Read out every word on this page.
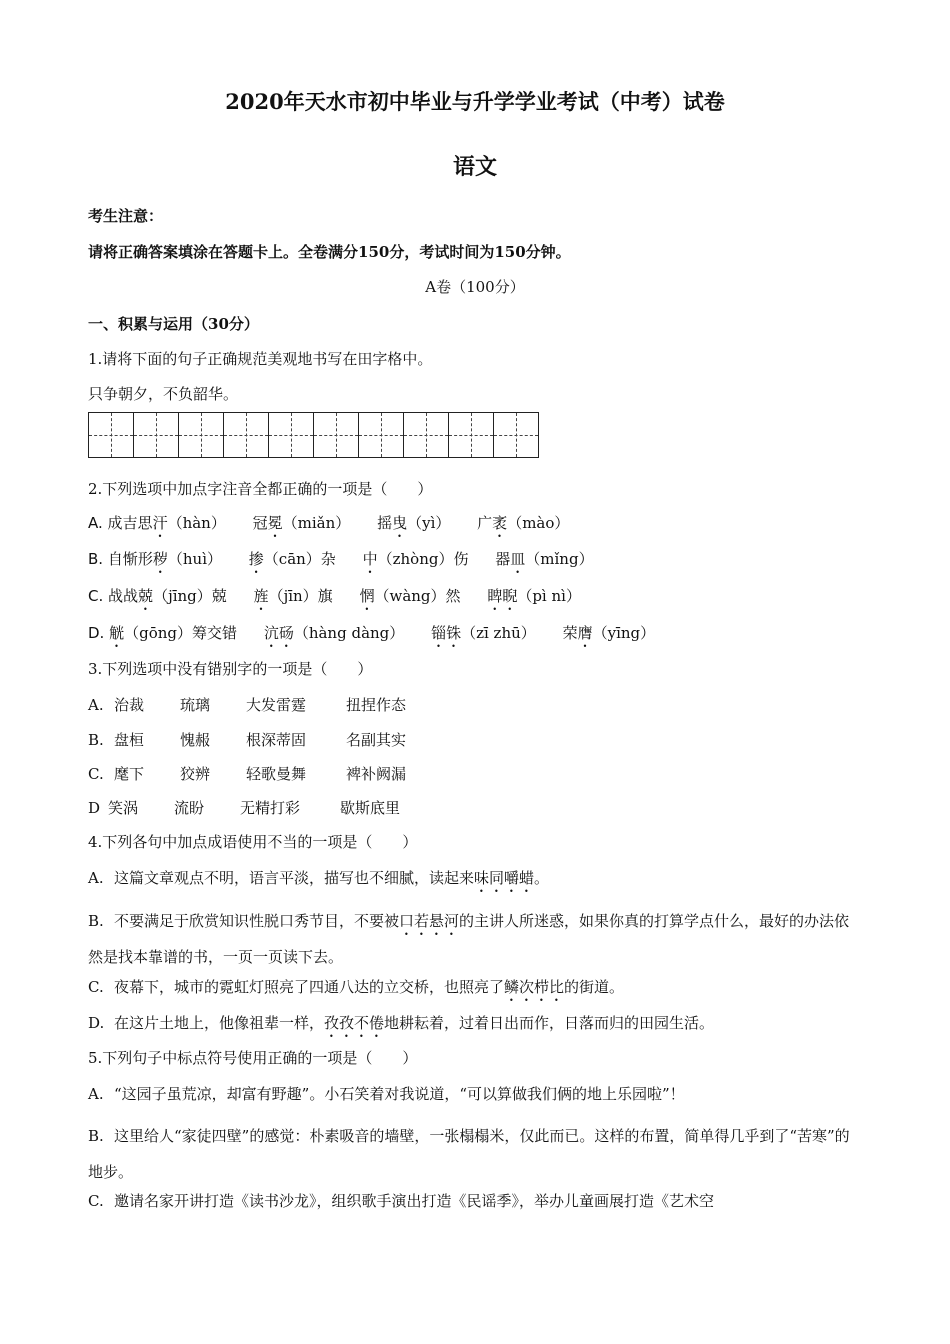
2020年天水市初中毕业与升学学业考试（中考）试卷
语文
考生注意：
请将正确答案填涂在答题卡上。全卷满分150分，考试时间为150分钟。
A卷（100分）
一、积累与运用（30分）
1.请将下面的句子正确规范美观地书写在田字格中。
只争朝夕，不负韶华。
2.下列选项中加点字注音全都正确的一项是（　　）
A. 成吉思汗（hàn） 冠冕（miǎn） 摇曳（yì） 广袤（mào）
B. 自惭形秽（huì） 掺（cān）杂 中（zhòng）伤 器皿（mǐng）
C. 战战兢（jīng）兢 旌（jīn）旗 惘（wàng）然 睥睨（pì nì）
D. 觥（gōng）筹交错 沆砀（hàng dàng） 锱铢（zī zhū） 荣膺（yīng）
3.下列选项中没有错别字的一项是（　　）
A. 治裁 琉璃 大发雷霆	扭捏作态
B. 盘桓 愧赧 根深蒂固	名副其实
C. 麾下 狡辨 轻歌曼舞	裨补阙漏
D 笑涡 流盼 无精打彩	歇斯底里
4.下列各句中加点成语使用不当的一项是（　　）
A. 这篇文章观点不明，语言平淡，描写也不细腻，读起来味同嚼蜡。
B. 不要满足于欣赏知识性脱口秀节目，不要被口若悬河的主讲人所迷惑，如果你真的打算学点什么，最好的办法依然是找本靠谱的书，一页一页读下去。
C. 夜幕下，城市的霓虹灯照亮了四通八达的立交桥，也照亮了鳞次栉比的街道。
D. 在这片土地上，他像祖辈一样，孜孜不倦地耕耘着，过着日出而作，日落而归的田园生活。
5.下列句子中标点符号使用正确的一项是（　　）
A. “这园子虽荒凉，却富有野趣”。小石笑着对我说道，“可以算做我们俩的地上乐园啦”！
B. 这里给人“家徒四壁”的感觉：朴素吸音的墙壁，一张榻榻米，仅此而已。这样的布置，简单得几乎到了“苦寒”的地步。
C. 邀请名家开讲打造《读书沙龙》，组织歌手演出打造《民谣季》，举办儿童画展打造《艺术空
